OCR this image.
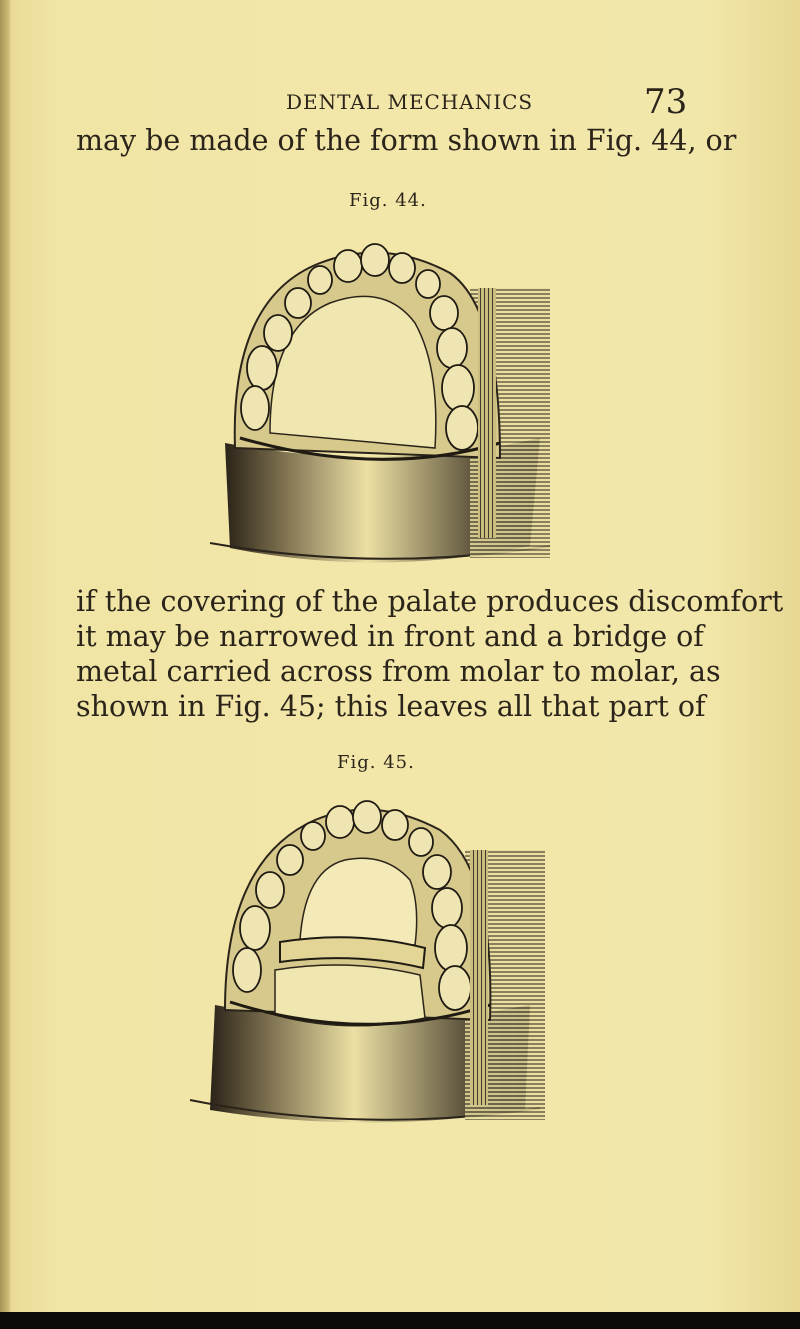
DENTAL MECHANICS	73
may be made of the form shown in Fig. 44, or
Fig. 44.
if the covering of the palate produces discomfort
it may be narrowed in front and a bridge of
metal carried across from molar to molar, as
shown in Fig. 45; this leaves all that part of
Fig. 45.
